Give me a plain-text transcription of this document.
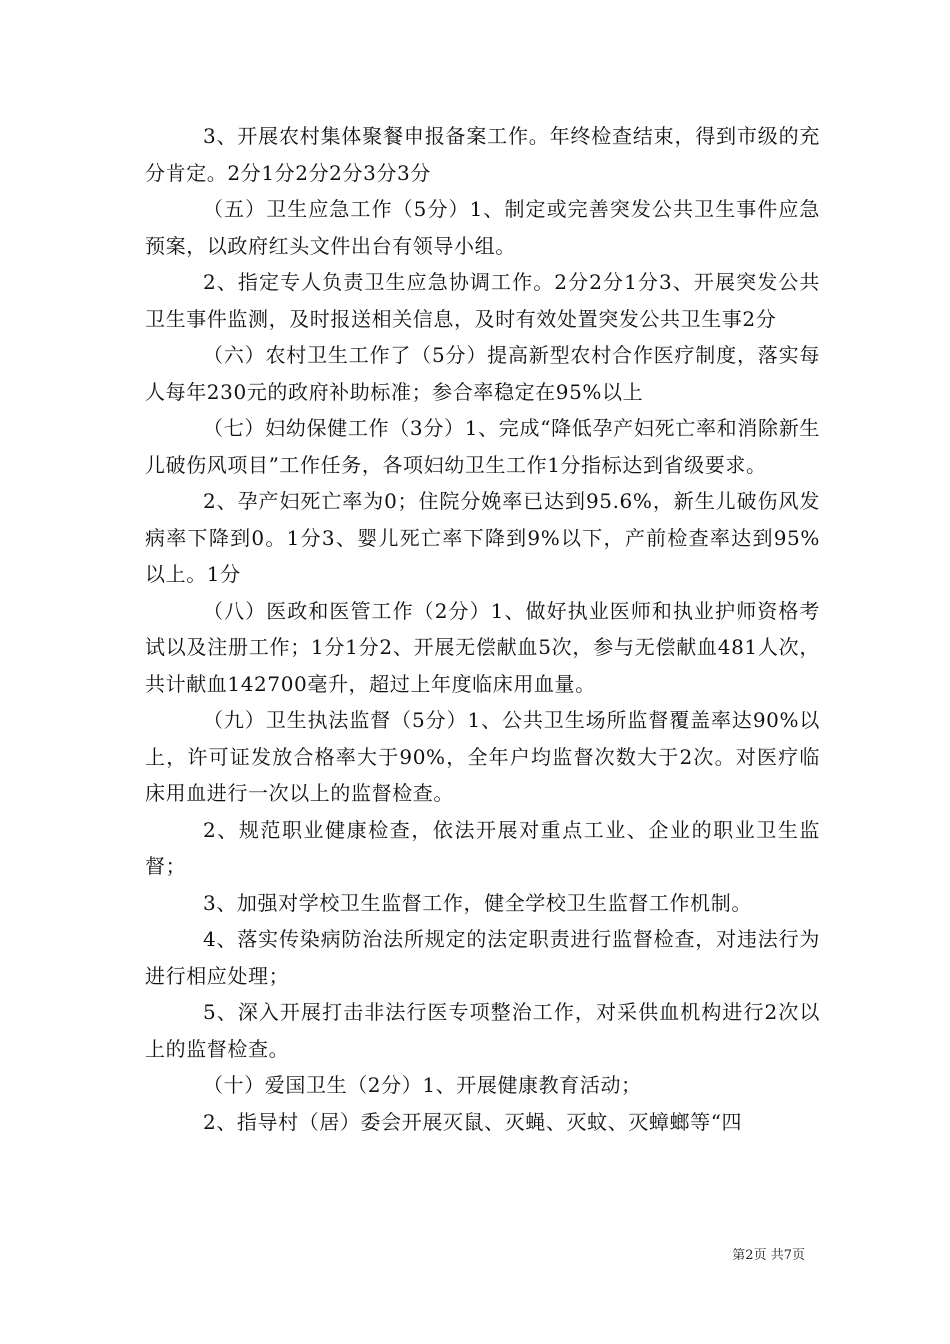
3、开展农村集体聚餐申报备案工作。年终检查结束，得到市级的充分肯定。2分1分2分2分3分3分

（五）卫生应急工作（5分）1、制定或完善突发公共卫生事件应急预案，以政府红头文件出台有领导小组。

2、指定专人负责卫生应急协调工作。2分2分1分3、开展突发公共卫生事件监测，及时报送相关信息，及时有效处置突发公共卫生事2分

（六）农村卫生工作了（5分）提高新型农村合作医疗制度，落实每人每年230元的政府补助标准；参合率稳定在95%以上

（七）妇幼保健工作（3分）1、完成“降低孕产妇死亡率和消除新生儿破伤风项目”工作任务，各项妇幼卫生工作1分指标达到省级要求。

2、孕产妇死亡率为0；住院分娩率已达到95.6%，新生儿破伤风发病率下降到0。1分3、婴儿死亡率下降到9%以下，产前检查率达到95%以上。1分

（八）医政和医管工作（2分）1、做好执业医师和执业护师资格考试以及注册工作；1分1分2、开展无偿献血5次，参与无偿献血481人次，共计献血142700毫升，超过上年度临床用血量。

（九）卫生执法监督（5分）1、公共卫生场所监督覆盖率达90%以上，许可证发放合格率大于90%，全年户均监督次数大于2次。对医疗临床用血进行一次以上的监督检查。

2、规范职业健康检查，依法开展对重点工业、企业的职业卫生监督；

3、加强对学校卫生监督工作，健全学校卫生监督工作机制。

4、落实传染病防治法所规定的法定职责进行监督检查，对违法行为进行相应处理；

5、深入开展打击非法行医专项整治工作，对采供血机构进行2次以上的监督检查。

（十）爱国卫生（2分）1、开展健康教育活动；

2、指导村（居）委会开展灭鼠、灭蝇、灭蚊、灭蟑螂等“四

第2页 共7页
